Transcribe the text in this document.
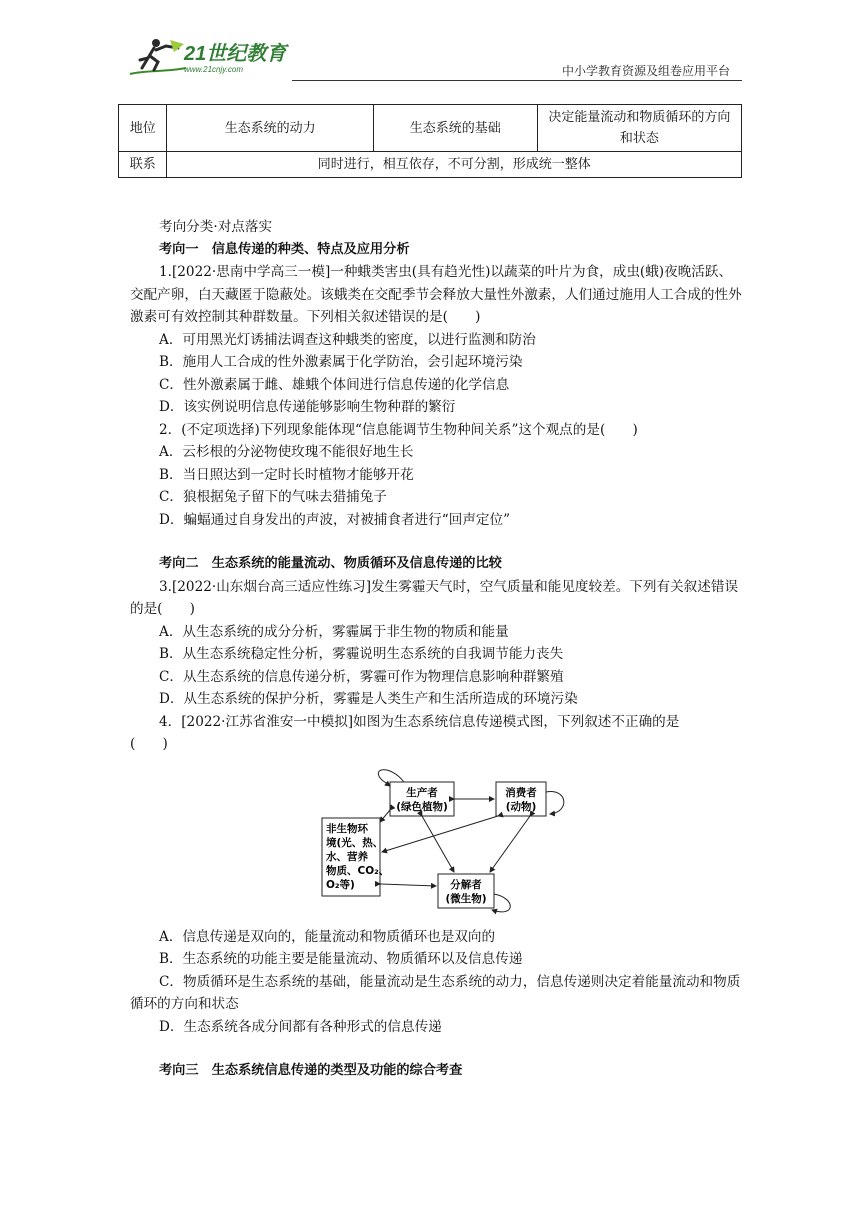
21世纪教育
www.21cnjy.com	中小学教育资源及组卷应用平台
地位	生态系统的动力	生态系统的基础	决定能量流动和物质循环的方向和状态
联系	同时进行，相互依存，不可分割，形成统一整体		

考向分类·对点落实

考向一　信息传递的种类、特点及应用分析

1.[2022·思南中学高三一模]一种蛾类害虫(具有趋光性)以蔬菜的叶片为食，成虫(蛾)夜晚活跃、交配产卵，白天藏匿于隐蔽处。该蛾类在交配季节会释放大量性外激素，人们通过施用人工合成的性外激素可有效控制其种群数量。下列相关叙述错误的是(　　)

A．可用黑光灯诱捕法调查这种蛾类的密度，以进行监测和防治

B．施用人工合成的性外激素属于化学防治，会引起环境污染

C．性外激素属于雌、雄蛾个体间进行信息传递的化学信息

D．该实例说明信息传递能够影响生物种群的繁衍

2．(不定项选择)下列现象能体现“信息能调节生物种间关系”这个观点的是(　　)

A．云杉根的分泌物使玫瑰不能很好地生长

B．当日照达到一定时长时植物才能够开花

C．狼根据兔子留下的气味去猎捕兔子

D．蝙蝠通过自身发出的声波，对被捕食者进行“回声定位”

考向二　生态系统的能量流动、物质循环及信息传递的比较

3.[2022·山东烟台高三适应性练习]发生雾霾天气时，空气质量和能见度较差。下列有关叙述错误的是(　　)

A．从生态系统的成分分析，雾霾属于非生物的物质和能量

B．从生态系统稳定性分析，雾霾说明生态系统的自我调节能力丧失

C．从生态系统的信息传递分析，雾霾可作为物理信息影响种群繁殖

D．从生态系统的保护分析，雾霾是人类生产和生活所造成的环境污染

4．[2022·江苏省淮安一中模拟]如图为生态系统信息传递模式图，下列叙述不正确的是

(　　)

生产者
(绿色植物)
消费者
(动物)
非生物环
境(光、热、
水、营养
物质、CO₂、
O₂等)	分解者
(微生物)

A．信息传递是双向的，能量流动和物质循环也是双向的

B．生态系统的功能主要是能量流动、物质循环以及信息传递

C．物质循环是生态系统的基础，能量流动是生态系统的动力，信息传递则决定着能量流动和物质循环的方向和状态

D．生态系统各成分间都有各种形式的信息传递

考向三　生态系统信息传递的类型及功能的综合考查
